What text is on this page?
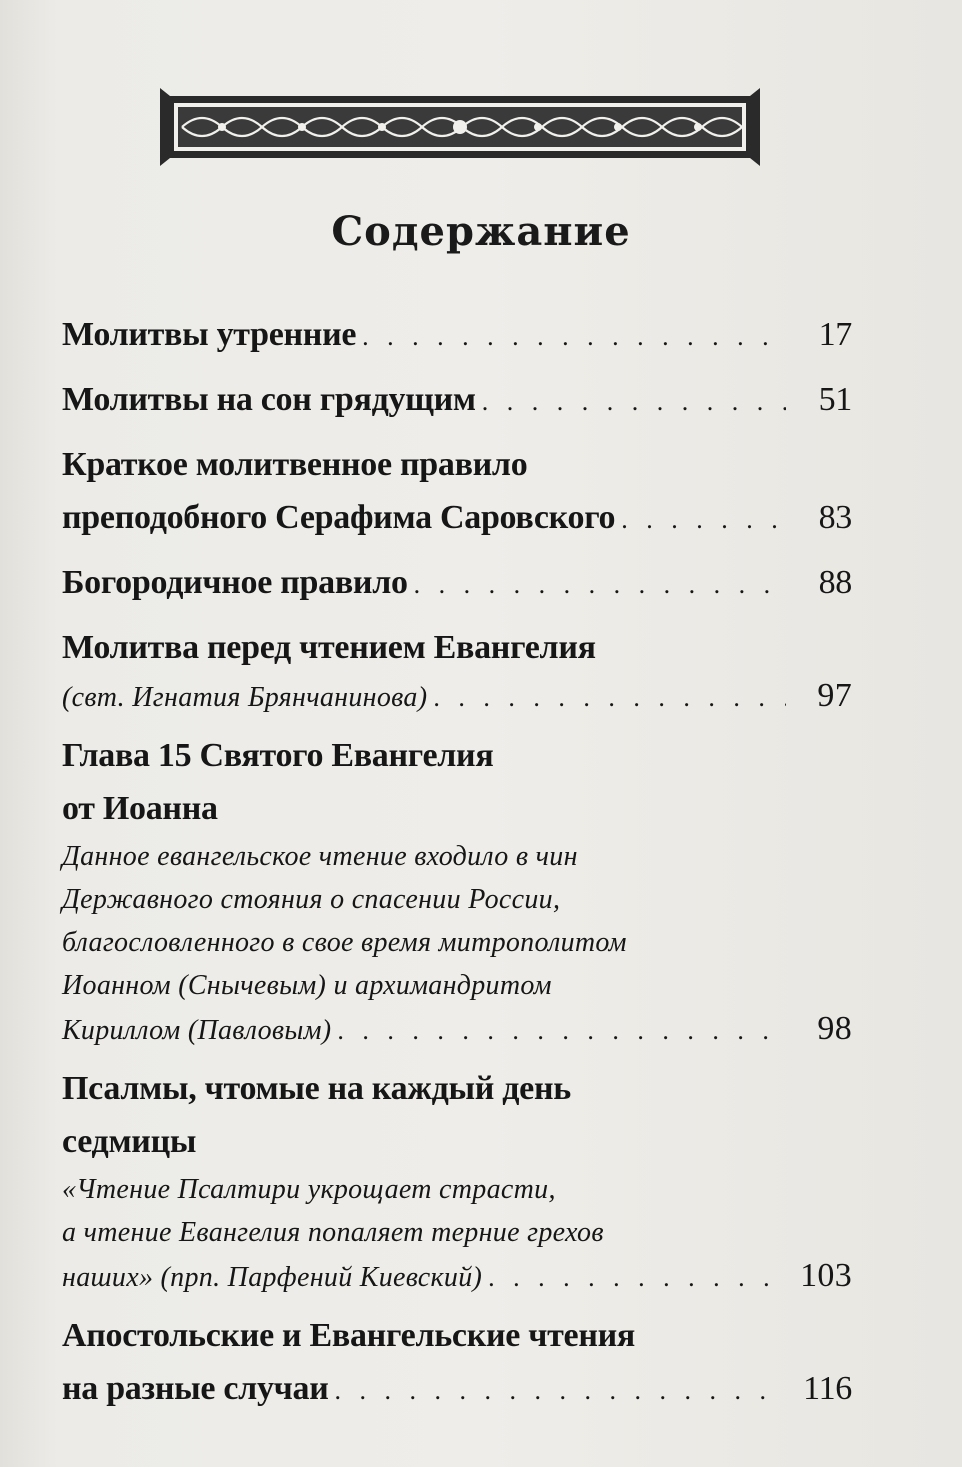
Содержание
Молитвы утренние . . .	17
Молитвы на сон грядущим . . .	51
Краткое молитвенное правило
преподобного Серафима Саровского . . .	83
Богородичное правило . . .	88
Молитва перед чтением Евангелия
(свт. Игнатия Брянчанинова) . . .	97
Глава 15 Святого Евангелия
от Иоанна
Данное евангельское чтение входило в чин
Державного стояния о спасении России,
благословленного в свое время митрополитом
Иоанном (Снычевым) и архимандритом
Кириллом (Павловым) . . .	98
Псалмы, чтомые на каждый день
седмицы
«Чтение Псалтири укрощает страсти,
а чтение Евангелия попаляет терние грехов
наших» (прп. Парфений Киевский) . . .	103
Апостольские и Евангельские чтения
на разные случаи . . .	116
